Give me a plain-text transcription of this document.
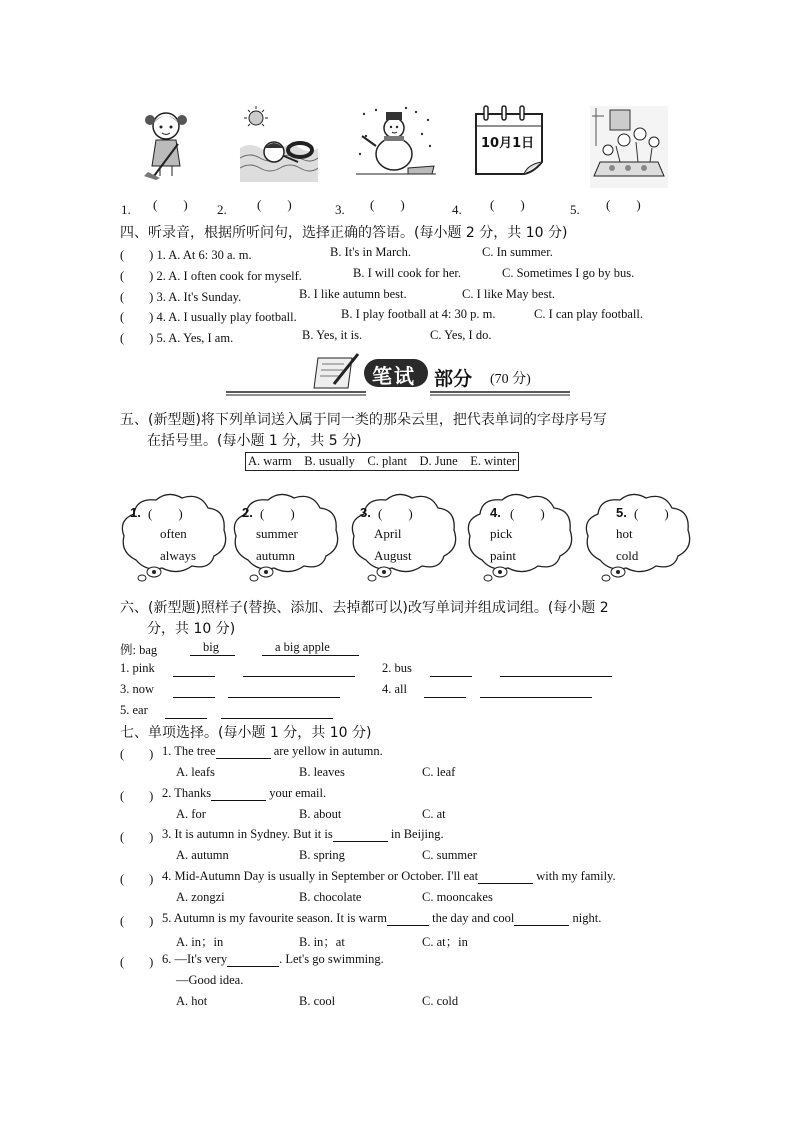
10月1日
1. (　　) 2. (　　)	3. (　　)	4. (　　)	5. (　　)
四、听录音，根据所听问句，选择正确的答语。(每小题 2 分，共 10 分)
(　　) 1. A. At 6: 30 a. m.	B. It's in March.	C. In summer.
(　　) 2. A. I often cook for myself.	B. I will cook for her.	C. Sometimes I go by bus.
(　　) 3. A. It's Sunday.	B. I like autumn best.	C. I like May best.
(　　) 4. A. I usually play football.	B. I play football at 4: 30 p. m.	C. I can play football.
(　　) 5. A. Yes, I am.	B. Yes, it is.	C. Yes, I do.
笔试 部分 (70 分)
五、(新型题)将下列单词送入属于同一类的那朵云里，把代表单词的字母序号写
在括号里。(每小题 1 分，共 5 分)
A. warm　B. usually　C. plant　D. June　E. winter
1. (　　)
often
always
2. (　　)
summer
autumn
3. (　　)
April
August
4. (　　)
pick
paint
5. (　　)
hot
cold
六、(新型题)照样子(替换、添加、去掉都可以)改写单词并组成词组。(每小题 2
分，共 10 分)
例: bag	big	a big apple
1. pink	2. bus
3. now	4. all
5. ear
七、单项选择。(每小题 1 分，共 10 分)
(　　) 1. The tree	are yellow in autumn.
A. leafs	B. leaves	C. leaf
(　　) 2. Thanks	your email.
A. for	B. about	C. at
(　　) 3. It is autumn in Sydney. But it is	in Beijing.
A. autumn	B. spring	C. summer
(　　) 4. Mid-Autumn Day is usually in September or October. I'll eat	with my family.
A. zongzi	B. chocolate	C. mooncakes
(　　) 5. Autumn is my favourite season. It is warm	the day and cool	night.
A. in；in	B. in；at	C. at；in
(　　) 6. —It's very	. Let's go swimming.
—Good idea.
A. hot	B. cool	C. cold
